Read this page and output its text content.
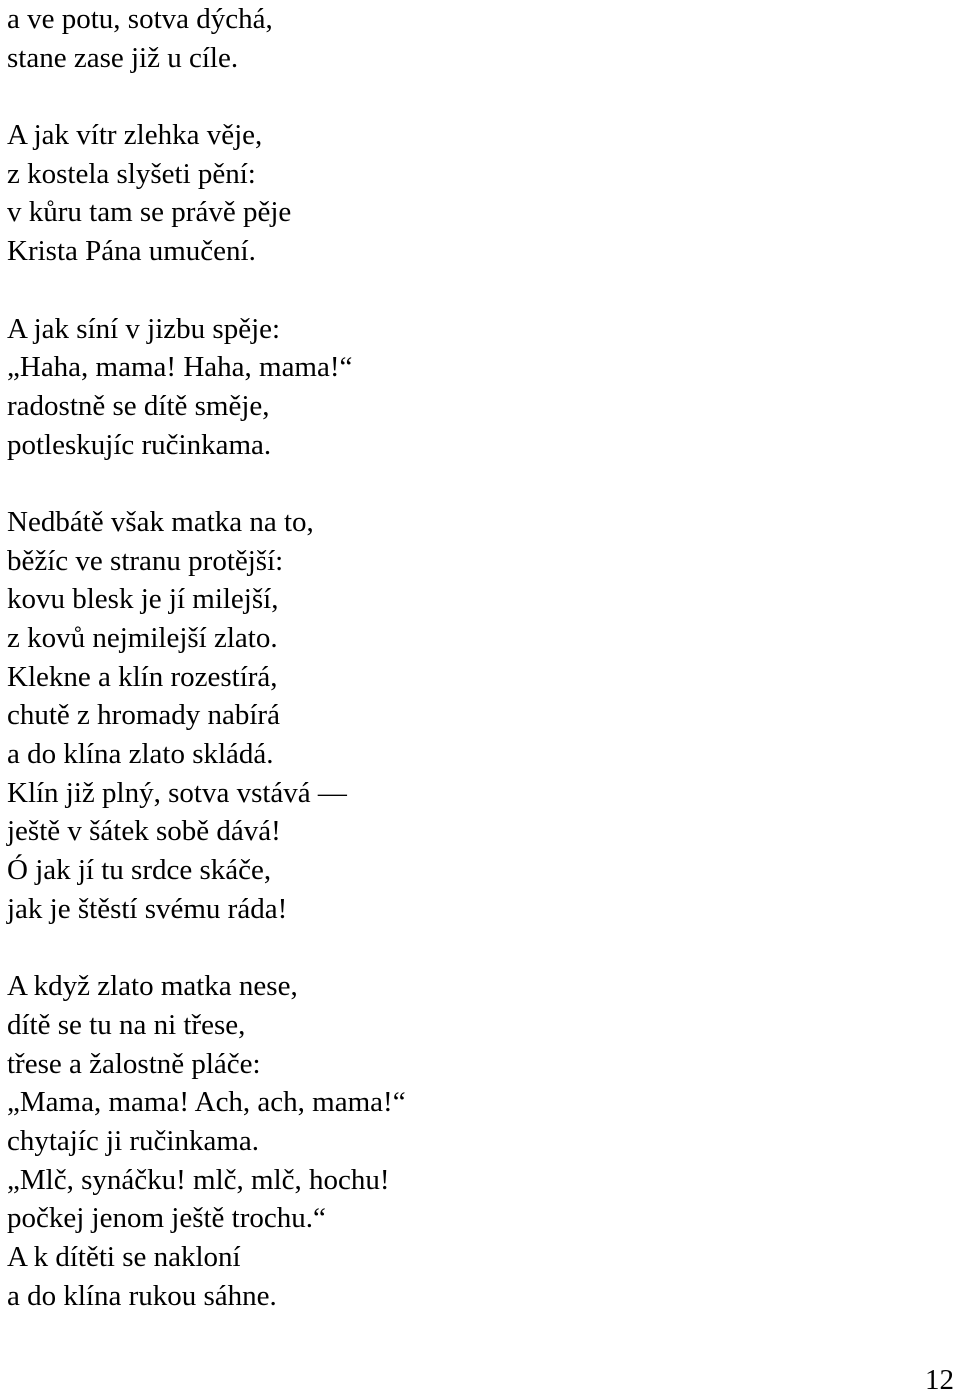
a ve potu, sotva dýchá,
stane zase již u cíle.
A jak vítr zlehka věje,
z kostela slyšeti pění:
v kůru tam se právě pěje
Krista Pána umučení.
A jak síní v jizbu spěje:
„Haha, mama! Haha, mama!“
radostně se dítě směje,
potleskujíc ručinkama.
Nedbátě však matka na to,
běžíc ve stranu protější:
kovu blesk je jí milejší,
z kovů nejmilejší zlato.
Klekne a klín rozestírá,
chutě z hromady nabírá
a do klína zlato skládá.
Klín již plný, sotva vstává —
ještě v šátek sobě dává!
Ó jak jí tu srdce skáče,
jak je štěstí svému ráda!
A když zlato matka nese,
dítě se tu na ni třese,
třese a žalostně pláče:
„Mama, mama! Ach, ach, mama!“
chytajíc ji ručinkama.
„Mlč, synáčku! mlč, mlč, hochu!
počkej jenom ještě trochu.“
A k dítěti se nakloní
a do klína rukou sáhne.
12
